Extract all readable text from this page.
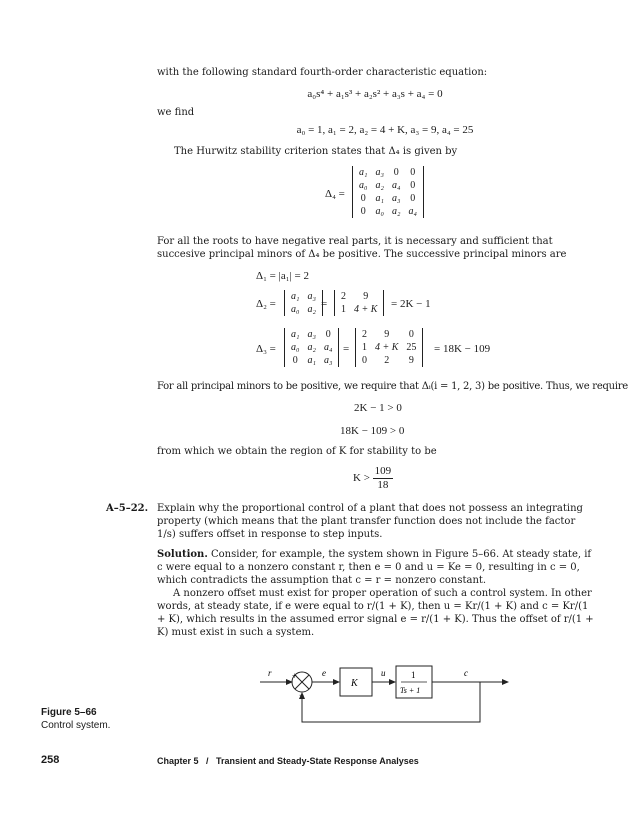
with the following standard fourth-order characteristic equation:
a₀s⁴ + a₁s³ + a₂s² + a₃s + a₄ = 0
we find
a₀ = 1, a₁ = 2, a₂ = 4 + K, a₃ = 9, a₄ = 25
The Hurwitz stability criterion states that Δ₄ is given by
Δ₄ =
a₁	a₃	0	0
a₀	a₂	a₄	0
0	a₁	a₃	0
0	a₀	a₂	a₄
For all the roots to have negative real parts, it is necessary and sufficient that succesive principal minors of Δ₄ be positive. The successive principal minors are
Δ₁ = |a₁| = 2
Δ₂ =
a₁	a₃
a₀	a₂ =
2	9
1	4 + K = 2K − 1
Δ₃ =
a₁	a₃	0
a₀	a₂	a₄
0	a₁	a₃
=
2	9	0
1	4 + K	25
0	2	9
= 18K − 109
For all principal minors to be positive, we require that Δᵢ(i = 1, 2, 3) be positive. Thus, we require
2K − 1 > 0
18K − 109 > 0
from which we obtain the region of K for stability to be
$K > \frac{109}{18}$
A–5–22. Explain why the proportional control of a plant that does not possess an integrating property (which means that the plant transfer function does not include the factor 1/s) suffers offset in response to step inputs.
Solution. Consider, for example, the system shown in Figure 5–66. At steady state, if c were equal to a nonzero constant r, then e = 0 and u = Ke = 0, resulting in c = 0, which contradicts the assumption that c = r = nonzero constant.
A nonzero offset must exist for proper operation of such a control system. In other words, at steady state, if e were equal to r/(1 + K), then u = Kr/(1 + K) and c = Kr/(1 + K), which results in the assumed error signal e = r/(1 + K). Thus the offset of r/(1 + K) must exist in such a system.
+
−
K
1
Ts + 1
r	e	u	c
Figure 5–66
Control system.
258	Chapter 5   /   Transient and Steady-State Response Analyses
